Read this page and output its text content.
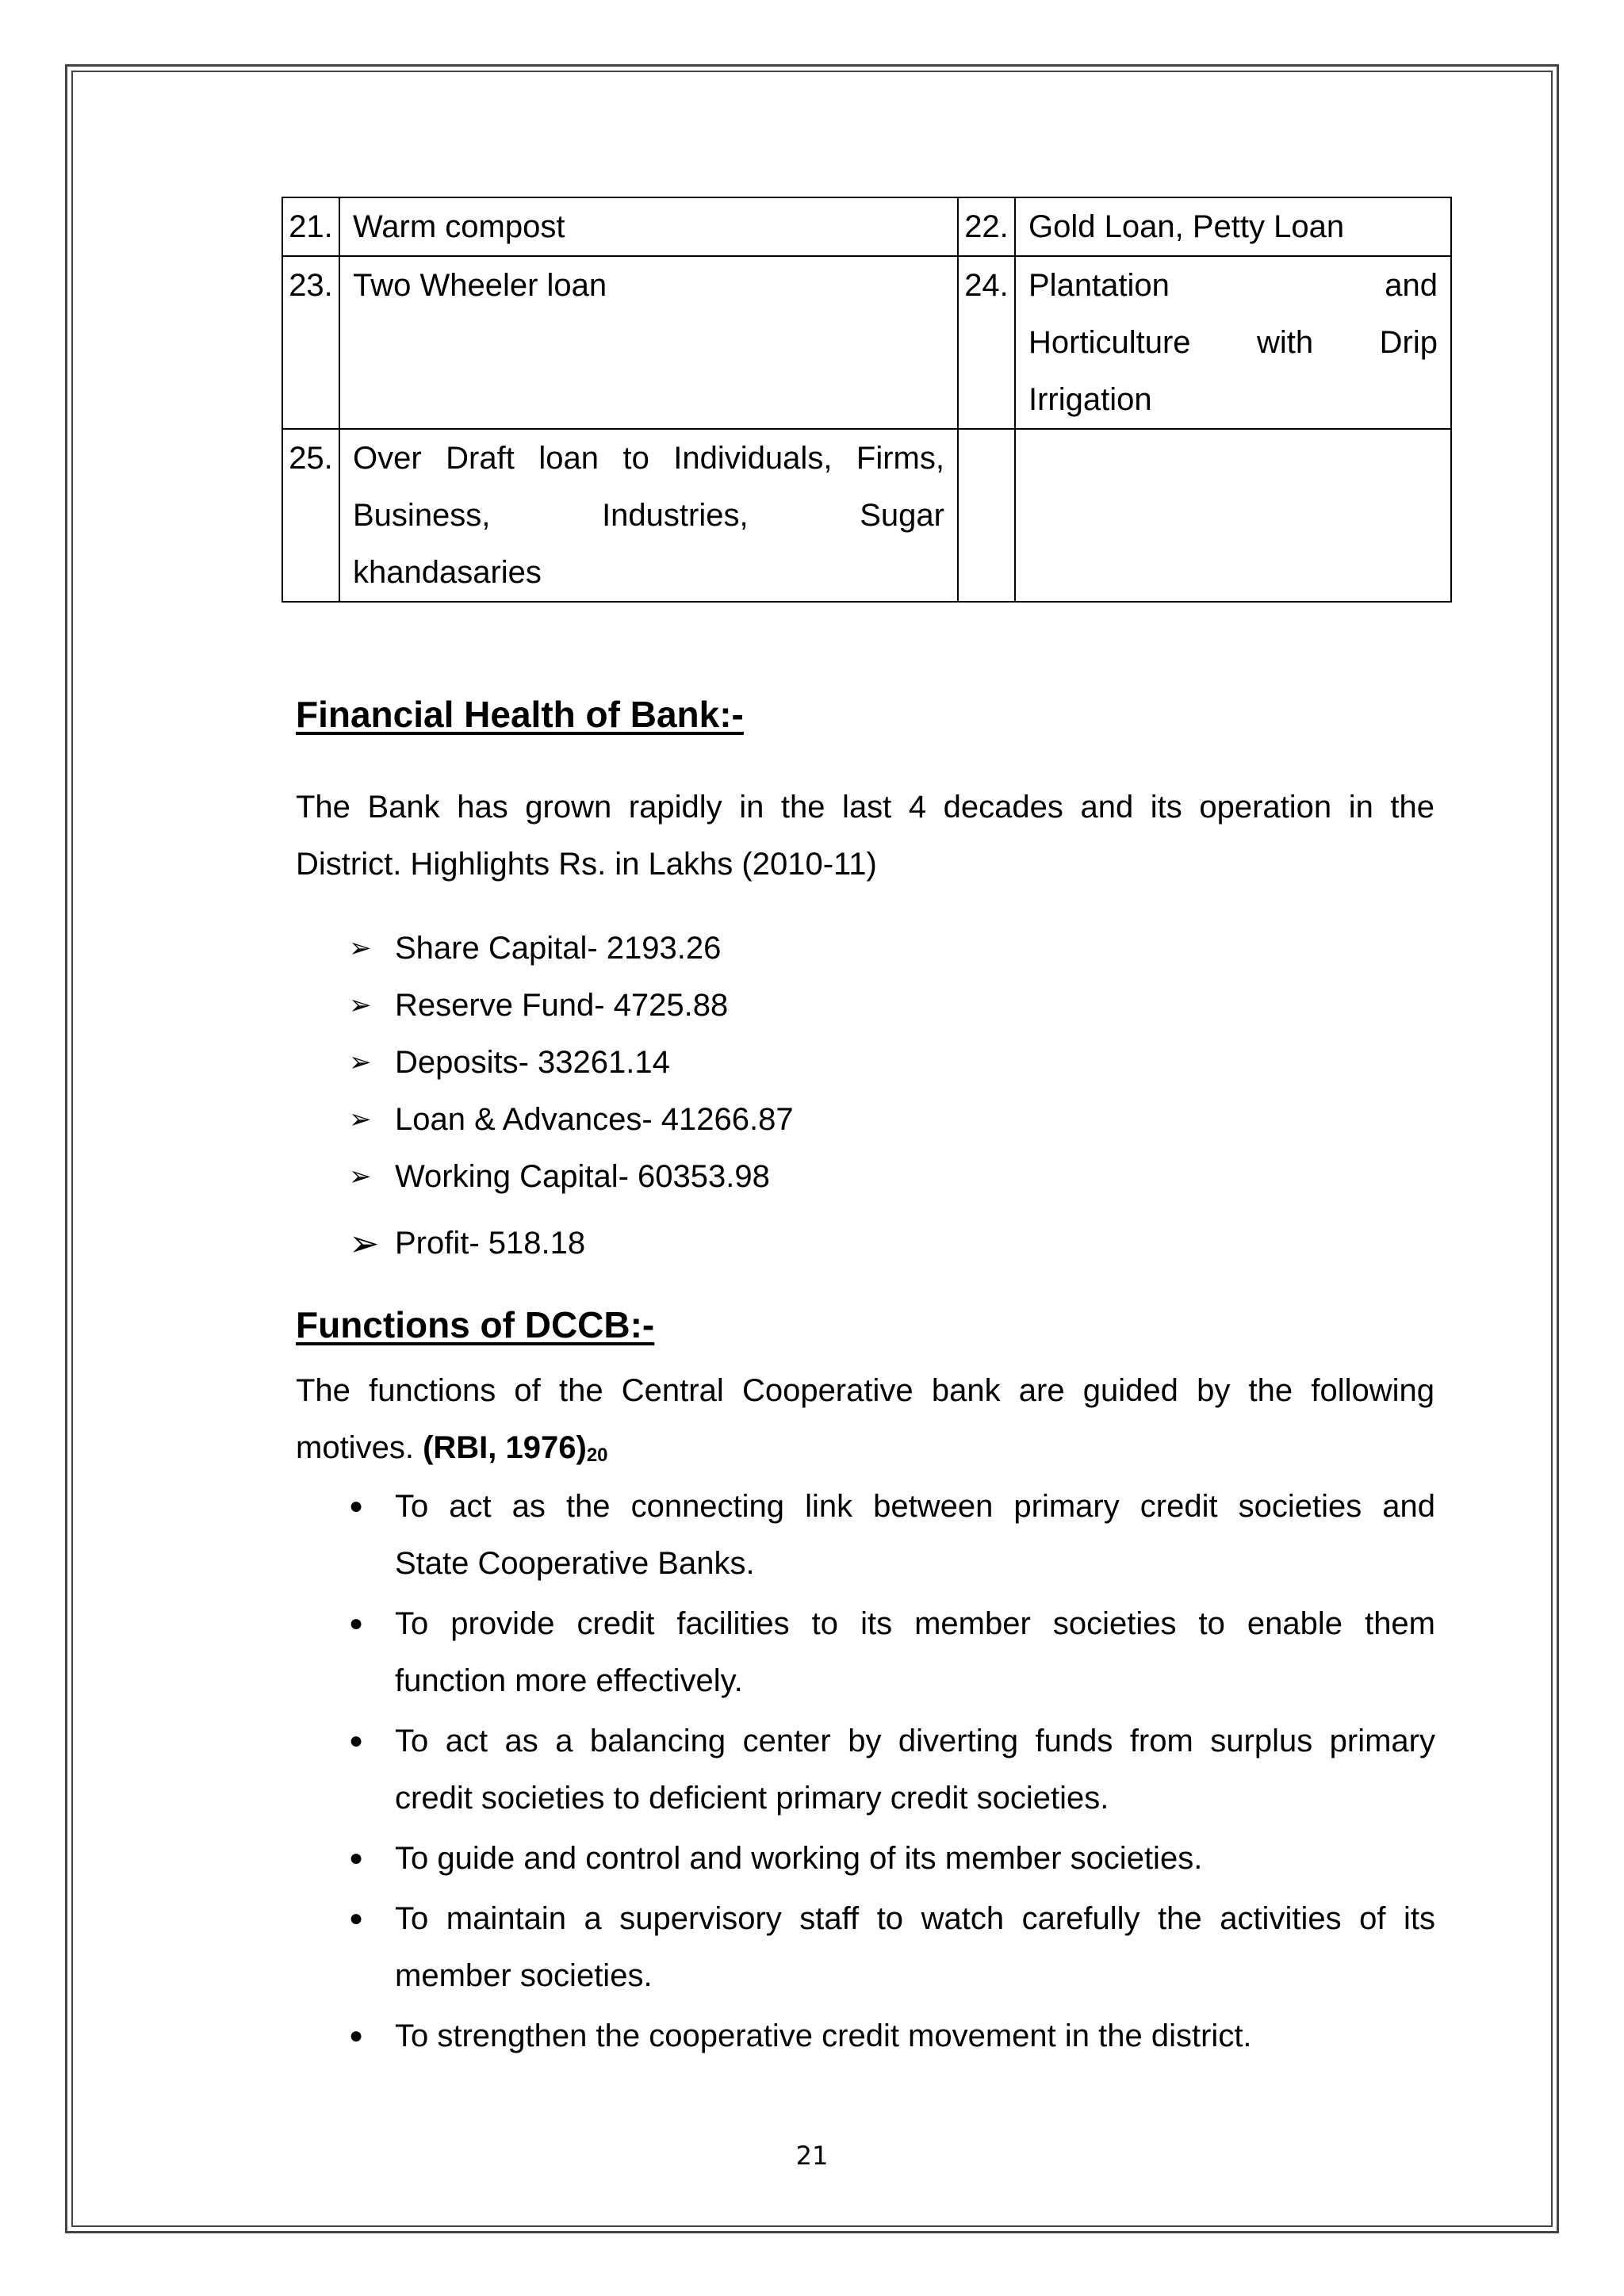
21.	Warm compost	22.	Gold Loan, Petty Loan
23.	Two Wheeler loan	24.	Plantation and
Horticulture with Drip
Irrigation
25.	Over Draft loan to Individuals, Firms,
Business, Industries, Sugar
khandasaries		
Financial Health of Bank:-

The Bank has grown rapidly in the last 4 decades and its operation in the
District. Highlights Rs. in Lakhs (2010-11)

➢ Share Capital- 2193.26
➢ Reserve Fund- 4725.88
➢ Deposits- 33261.14
➢ Loan & Advances- 41266.87
➢ Working Capital- 60353.98
➢ Profit- 518.18
Functions of DCCB:-

The functions of the Central Cooperative bank are guided by the following
motives. (RBI, $1976)_{20}$

● To act as the connecting link between primary credit societies and
State Cooperative Banks.
● To provide credit facilities to its member societies to enable them
function more effectively.
● To act as a balancing center by diverting funds from surplus primary
credit societies to deficient primary credit societies.
● To guide and control and working of its member societies.
● To maintain a supervisory staff to watch carefully the activities of its
member societies.
● To strengthen the cooperative credit movement in the district.
21
